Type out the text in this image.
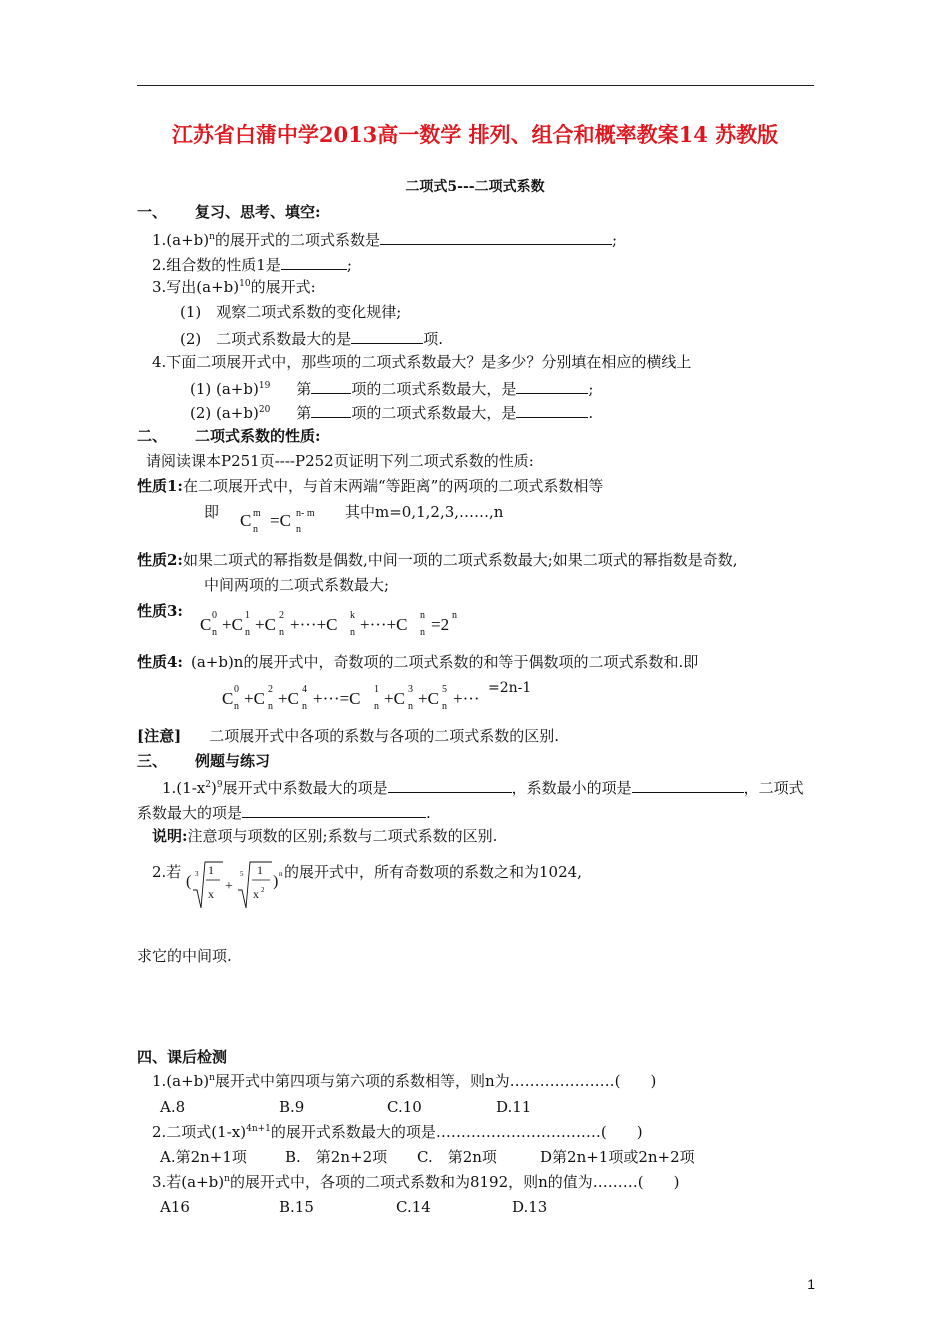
江苏省白蒲中学2013高一数学 排列、组合和概率教案14 苏教版
二项式5---二项式系数
一、 复习、思考、填空:
$1.(a+b)^n$的展开式的二项式系数是	;
2.组合数的性质1是	;
3.写出$(a+b)^{10}$的展开式:
(1)　观察二项式系数的变化规律;
(2)　二项式系数最大的是	项.
4.下面二项展开式中，那些项的二项式系数最大？是多少？分别填在相应的横线上
(1) $(a+b)^{19}$ 第	项的二项式系数最大，是	;
(2) $(a+b)^{20}$ 第	项的二项式系数最大，是	.
二、 二项式系数的性质:
请阅读课本P251页----P252页证明下列二项式系数的性质:
性质1:在二项展开式中，与首末两端“等距离”的两项的二项式系数相等
即 C m
n =C n- m
n
其中m=0,1,2,3,……,n
性质2:如果二项式的幂指数是偶数,中间一项的二项式系数最大;如果二项式的幂指数是奇数,
中间两项的二项式系数最大;
性质3:
C 0
n +C 1
n +C 2
n +···+C k
n +···+C n
n =2 n
性质4: (a+b)n的展开式中，奇数项的二项式系数的和等于偶数项的二项式系数和.即
C 0
n +C 2
n +C 4
n +···=C 1
n +C 3
n +C 5
n +···
=2n-1
[注意] 二项展开式中各项的系数与各项的二项式系数的区别.
三、 例题与练习
$1.(1-x^2)^9$展开式中系数最大的项是	，系数最小的项是	，二项式
系数最大的项是	.
说明:注意项与项数的区别;系数与二项式系数的区别.
2.若
( 3 1
x +
5 1
x 2 ) n 的展开式中，所有奇数项的系数之和为1024,
求它的中间项.
四、课后检测
$1.(a+b)^n$展开式中第四项与第六项的系数相等，则n为…………………(　　)
A.8	B.9	C.10	D.11
2.二项式$(1-x)^{4n+1}$的展开式系数最大的项是……………………………(　　)
A.第2n+1项	B.　第2n+2项 C.　第2n项	D第2n+1项或2n+2项
3.若$(a+b)^n$的展开式中，各项的二项式系数和为8192，则n的值为………(　　)
A16	B.15	C.14	D.13
1
